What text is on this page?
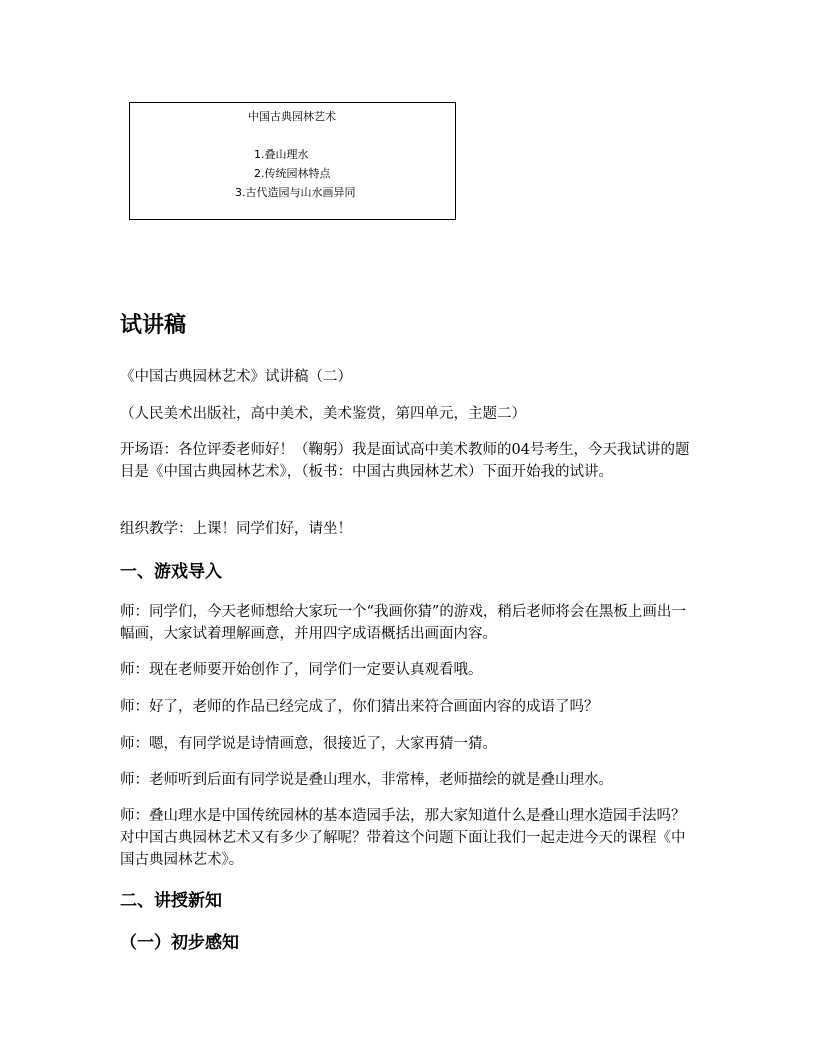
中国古典园林艺术
1.叠山理水
2.传统园林特点
3.古代造园与山水画异同
试讲稿

《中国古典园林艺术》试讲稿（二）

（人民美术出版社，高中美术，美术鉴赏，第四单元，主题二）

开场语：各位评委老师好！（鞠躬）我是面试高中美术教师的04号考生，今天我试讲的题目是《中国古典园林艺术》，（板书：中国古典园林艺术）下面开始我的试讲。

组织教学：上课！同学们好，请坐！

一、游戏导入

师：同学们，今天老师想给大家玩一个“我画你猜”的游戏，稍后老师将会在黑板上画出一幅画，大家试着理解画意，并用四字成语概括出画面内容。

师：现在老师要开始创作了，同学们一定要认真观看哦。

师：好了，老师的作品已经完成了，你们猜出来符合画面内容的成语了吗？

师：嗯，有同学说是诗情画意，很接近了，大家再猜一猜。

师：老师听到后面有同学说是叠山理水，非常棒，老师描绘的就是叠山理水。

师：叠山理水是中国传统园林的基本造园手法，那大家知道什么是叠山理水造园手法吗？对中国古典园林艺术又有多少了解呢？带着这个问题下面让我们一起走进今天的课程《中国古典园林艺术》。

二、讲授新知
（一）初步感知
